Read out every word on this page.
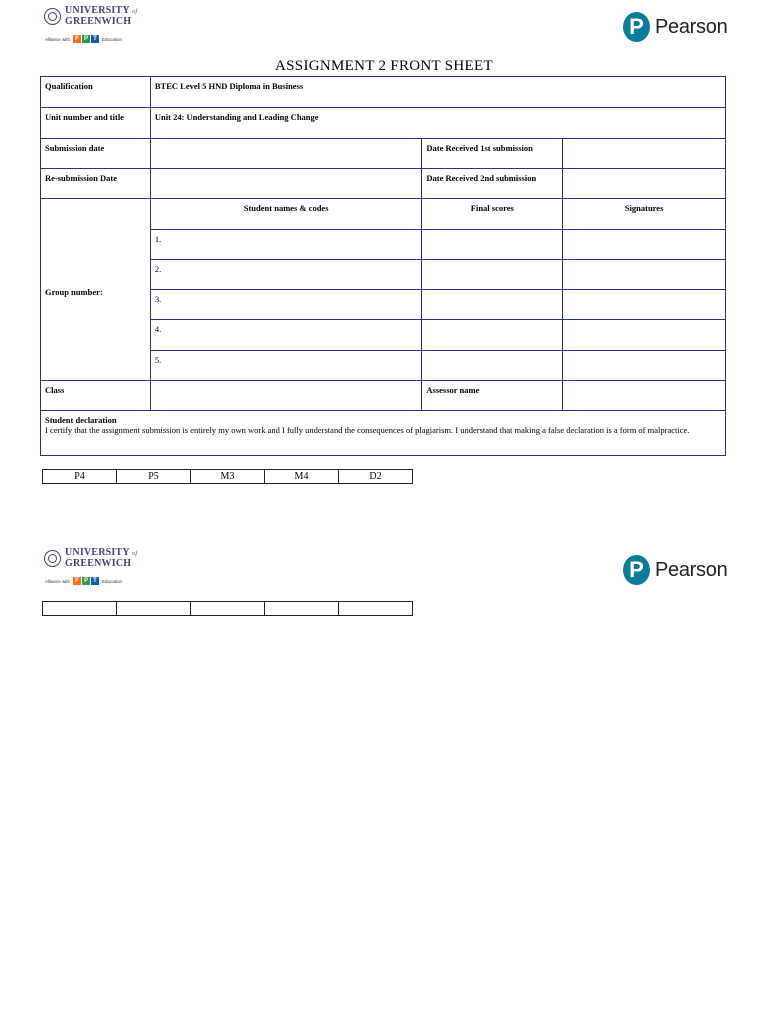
UNIVERSITY of
GREENWICH
Alliance with F P T	Education	P Pearson
ASSIGNMENT 2 FRONT SHEET
Qualification	BTEC Level 5 HND Diploma in Business		
Unit number and title	Unit 24: Understanding and Leading Change		
Submission date		Date Received 1st submission	
Re-submission Date		Date Received 2nd submission	
Group number:	Student names & codes	Final scores	Signatures
	1.		
	2.		
	3.		
	4.		
	5.		
Class		Assessor name	

Student declaration
I certify that the assignment submission is entirely my own work and I fully understand the consequences of plagiarism. I understand that making a false declaration is a form of malpractice.			
P4	P5	M3	M4	D2
UNIVERSITY of
GREENWICH
Alliance with F P T	Education	P Pearson
